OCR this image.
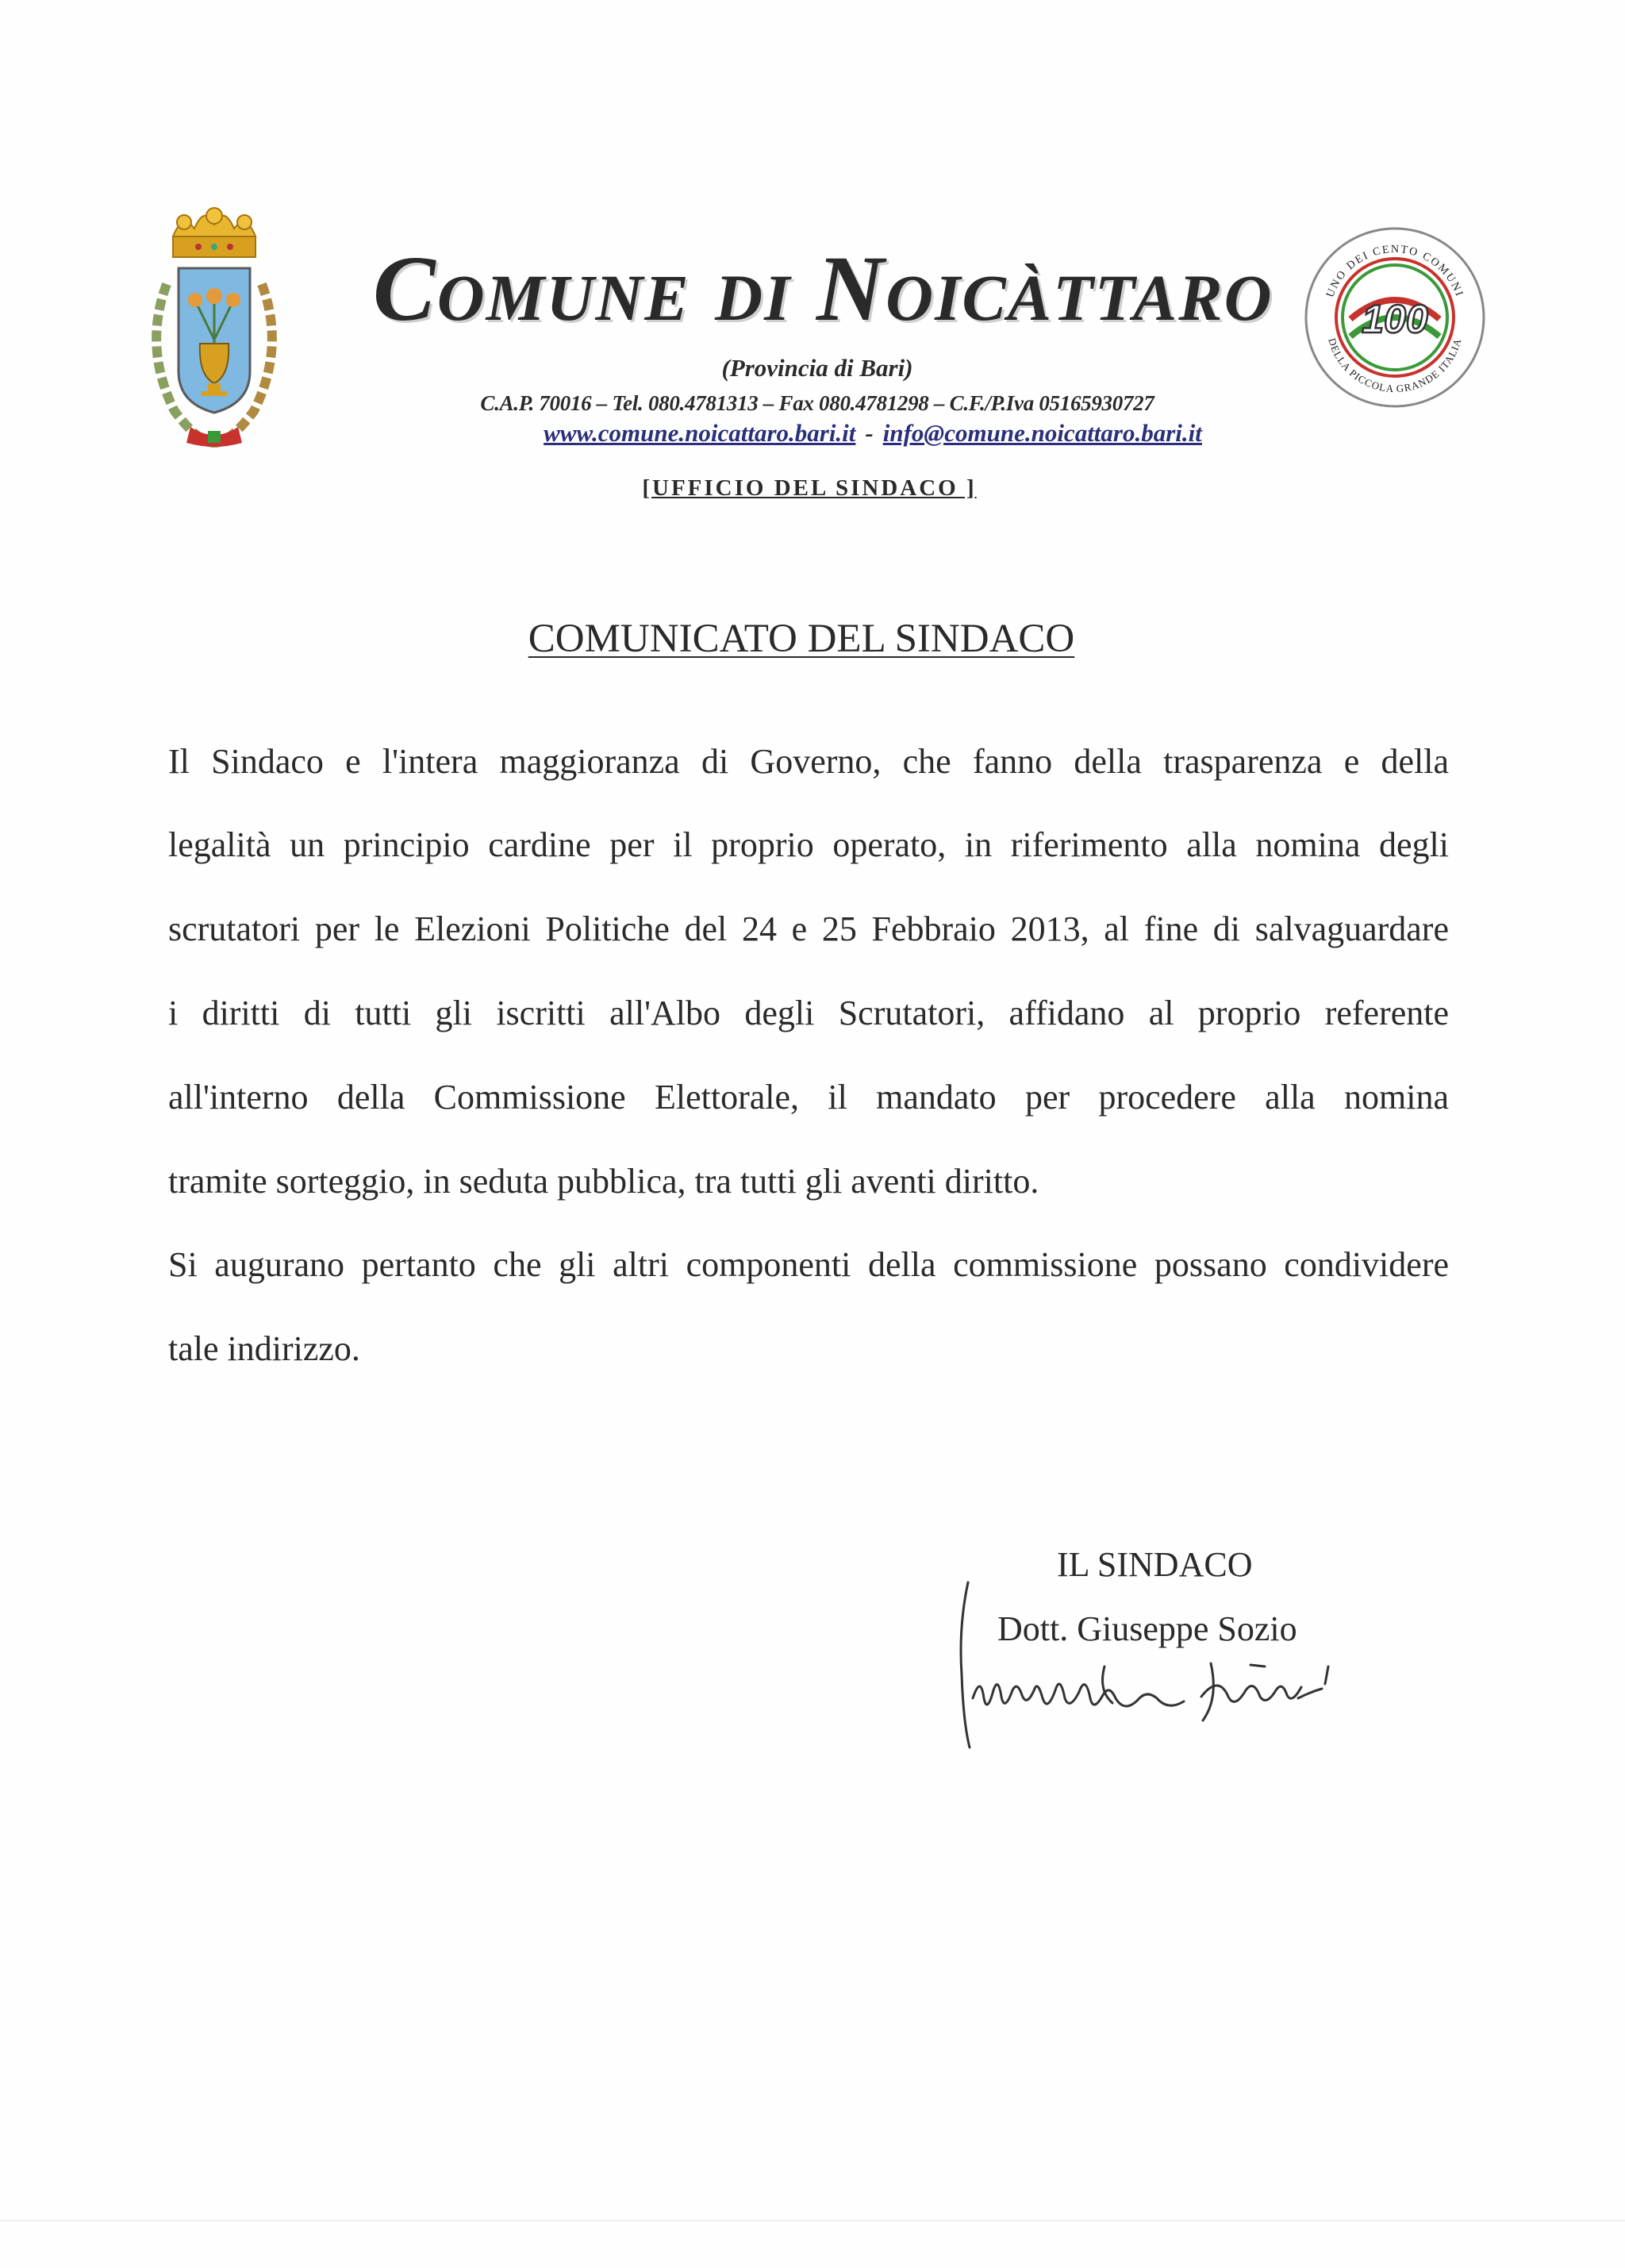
Comune di Noicàttaro
(Provincia di Bari)
C.A.P. 70016 – Tel. 080.4781313 – Fax 080.4781298 – C.F./P.Iva 05165930727
www.comune.noicattaro.bari.it - info@comune.noicattaro.bari.it
[UFFICIO DEL SINDACO ]
UNO DEI CENTO COMUNI
DELLA PICCOLA GRANDE ITALIA
100
COMUNICATO DEL SINDACO
Il Sindaco e l'intera maggioranza di Governo, che fanno della trasparenza e della
legalità un principio cardine per il proprio operato, in riferimento alla nomina degli
scrutatori per le Elezioni Politiche del 24 e 25 Febbraio 2013, al fine di salvaguardare
i diritti di tutti gli iscritti all'Albo degli Scrutatori, affidano al proprio referente
all'interno della Commissione Elettorale, il mandato per procedere alla nomina
tramite sorteggio, in seduta pubblica, tra tutti gli aventi diritto.
Si augurano pertanto che gli altri componenti della commissione possano condividere
tale indirizzo.
IL SINDACO
Dott. Giuseppe Sozio
